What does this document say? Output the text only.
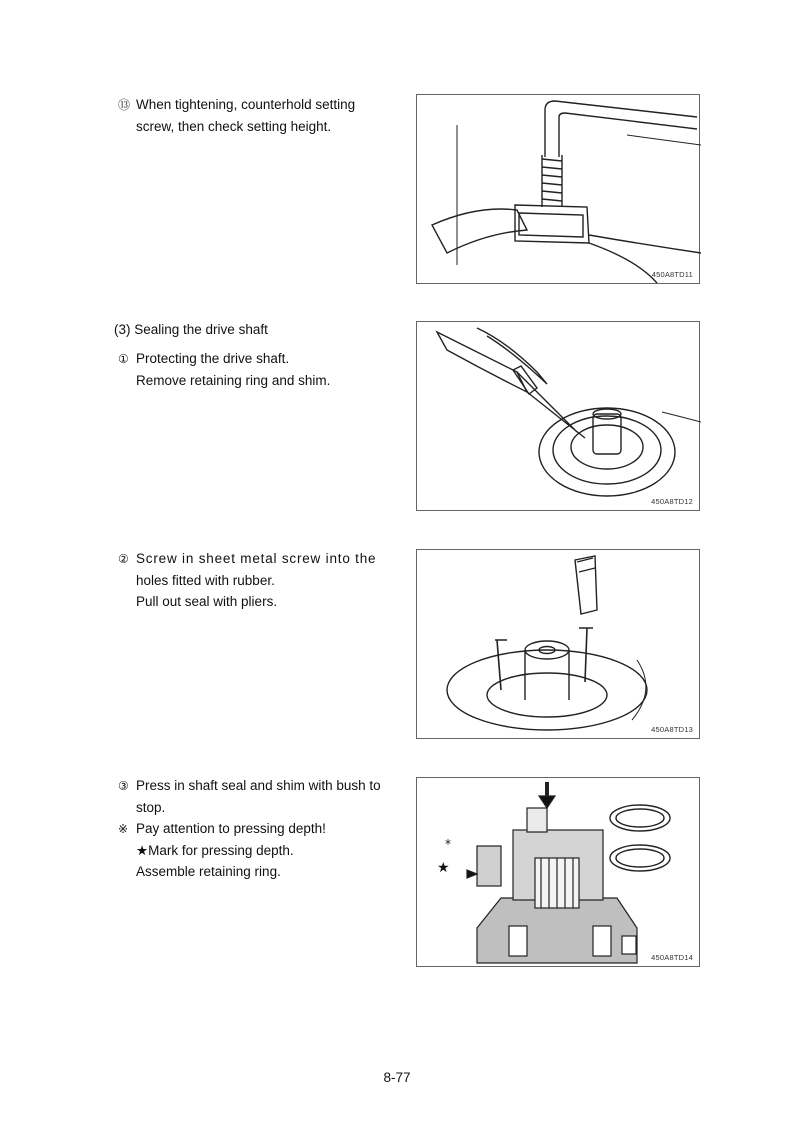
⑬ When tightening, counterhold setting

screw, then check setting height.

450A8TD11
(3) Sealing the drive shaft

① Protecting the drive shaft.

Remove retaining ring and shim.

450A8TD12

② Screw in sheet metal screw into the

holes fitted with rubber.

Pull out seal with pliers.

450A8TD13

③ Press in shaft seal and shim with bush to

stop.

※ Pay attention to pressing depth!

★Mark for pressing depth.

Assemble retaining ring.

*
★
450A8TD14
8-77
